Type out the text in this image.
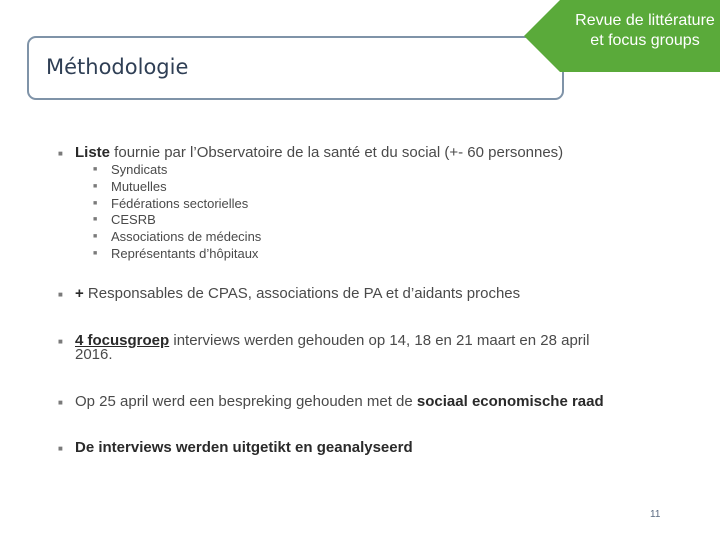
Méthodologie
Revue de littérature et focus groups
■ Liste fournie par l’Observatoire de la santé et du social (+- 60 personnes)
■ Syndicats
■ Mutuelles
■ Fédérations sectorielles
■ CESRB
■ Associations de médecins
■ Représentants d’hôpitaux
■ + Responsables de CPAS, associations de PA et d’aidants proches
■ 4 focusgroep interviews werden gehouden op 14, 18 en 21 maart en 28 april
2016.
■ Op 25 april werd een bespreking gehouden met de sociaal economische raad
■ De interviews werden uitgetikt en geanalyseerd
11
